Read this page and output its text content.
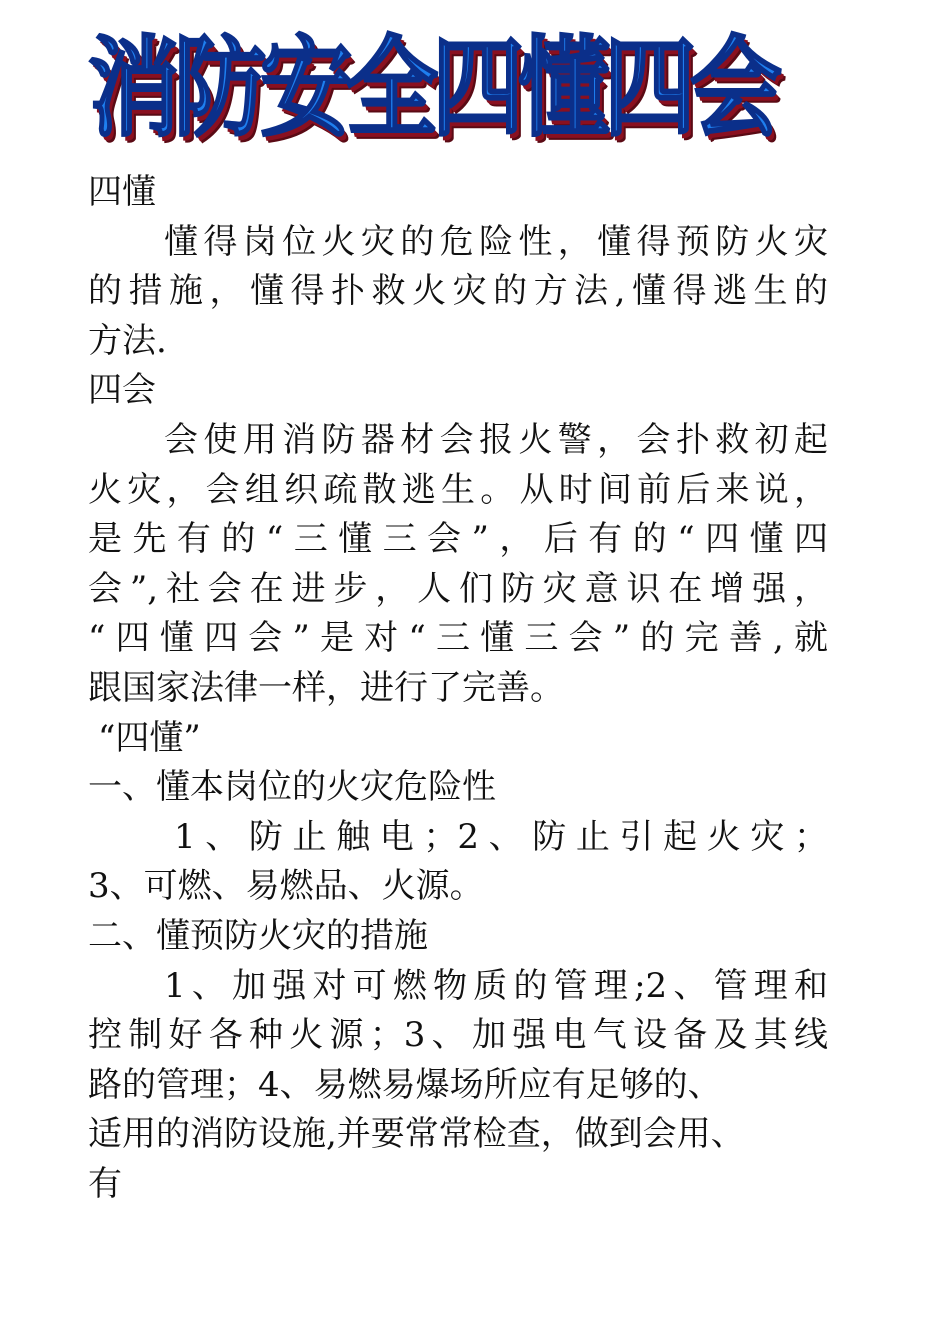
消防安全四懂四会

四懂

懂得岗位火灾的危险性，懂得预防火灾

的措施，懂得扑救火灾的方法,懂得逃生的

方法.

四会

会使用消防器材会报火警，会扑救初起

火灾，会组织疏散逃生。从时间前后来说，

是先有的“三懂三会”，后有的“四懂四

会”,社会在进步，人们防灾意识在增强，

“四懂四会”是对“三懂三会”的完善,就

跟国家法律一样，进行了完善。

“四懂”

一、懂本岗位的火灾危险性

1、防止触电；2、防止引起火灾；

3、可燃、易燃品、火源。

二、懂预防火灾的措施

1、加强对可燃物质的管理;2、管理和

控制好各种火源；3、加强电气设备及其线

路的管理；4、易燃易爆场所应有足够的、

适用的消防设施,并要常常检查，做到会用、

有
